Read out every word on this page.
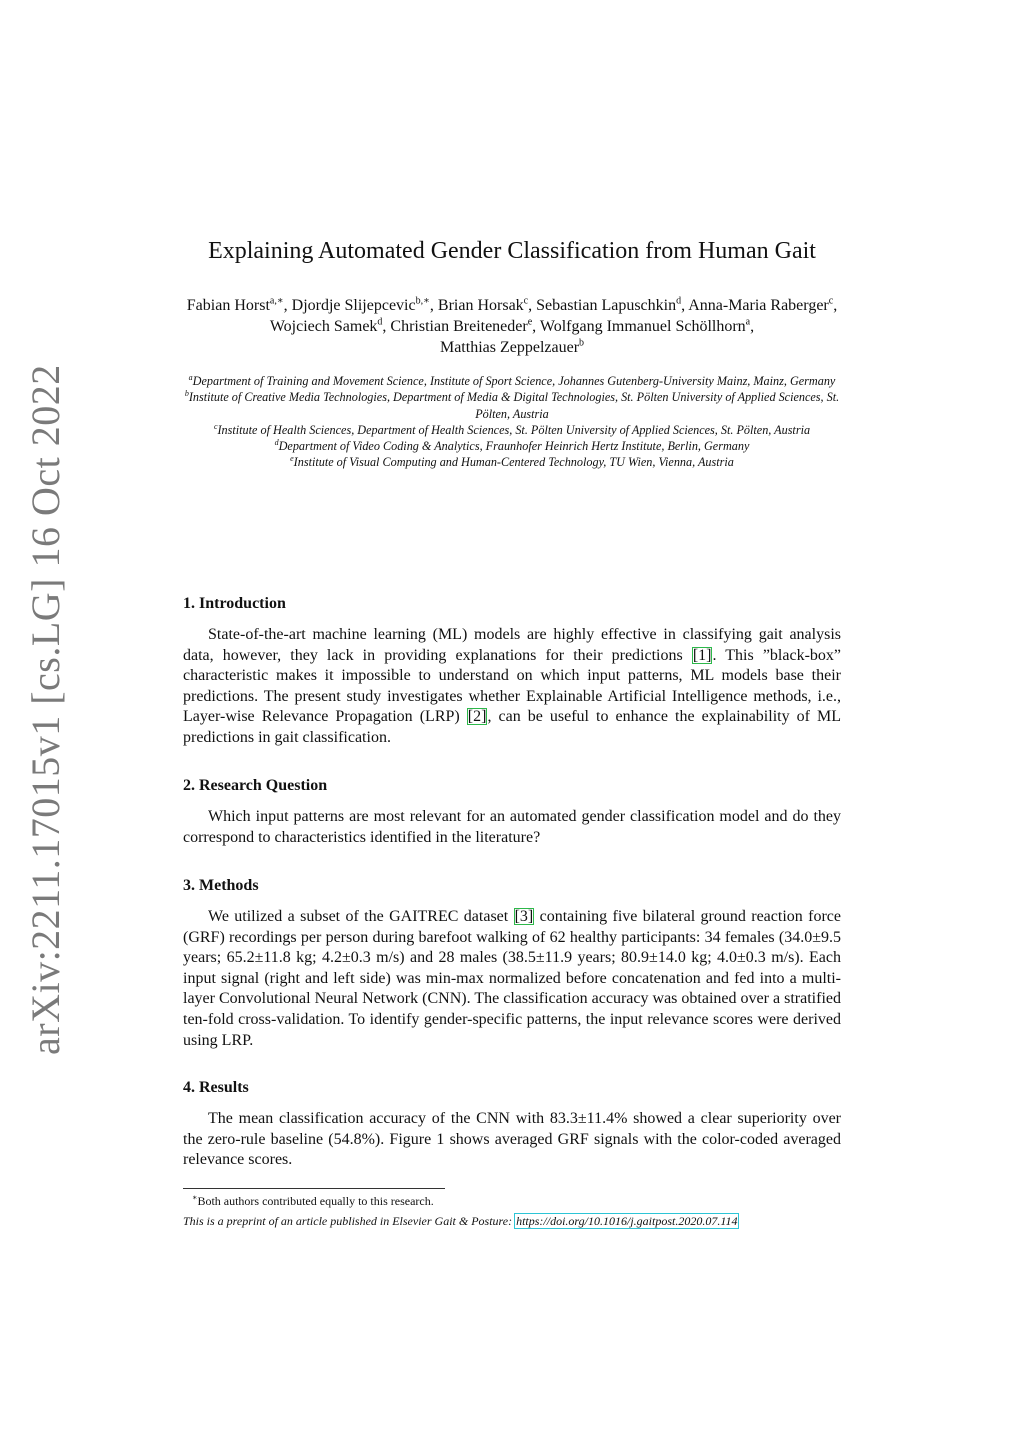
arXiv:2211.17015v1 [cs.LG] 16 Oct 2022
Explaining Automated Gender Classification from Human Gait
Fabian Horst$^{a,∗}$, Djordje Slijepcevic$^{b,∗}$, Brian Horsak$^c$, Sebastian Lapuschkin$^d$, Anna-Maria Raberger$^c$, Wojciech Samek$^d$, Christian Breiteneder$^e$, Wolfgang Immanuel Schöllhorn$^a$,
Matthias Zeppelzauer$^b$
$^a$Department of Training and Movement Science, Institute of Sport Science, Johannes Gutenberg-University Mainz, Mainz, Germany
$^b$Institute of Creative Media Technologies, Department of Media & Digital Technologies, St. Pölten University of Applied Sciences, St. Pölten, Austria
$^c$Institute of Health Sciences, Department of Health Sciences, St. Pölten University of Applied Sciences, St. Pölten, Austria
$^d$Department of Video Coding & Analytics, Fraunhofer Heinrich Hertz Institute, Berlin, Germany
$^e$Institute of Visual Computing and Human-Centered Technology, TU Wien, Vienna, Austria
1. Introduction

State-of-the-art machine learning (ML) models are highly effective in classifying gait analysis data, however, they lack in providing explanations for their predictions [1]. This ”black-box” characteristic makes it impossible to understand on which input patterns, ML models base their predictions. The present study investigates whether Explainable Artificial Intelligence methods, i.e., Layer-wise Relevance Propagation (LRP) [2], can be useful to enhance the explainability of ML predictions in gait classification.

2. Research Question

Which input patterns are most relevant for an automated gender classification model and do they correspond to characteristics identified in the literature?

3. Methods

We utilized a subset of the GAITREC dataset [3] containing five bilateral ground reaction force (GRF) recordings per person during barefoot walking of 62 healthy participants: 34 females (34.0±9.5 years; 65.2±11.8 kg; 4.2±0.3 m/s) and 28 males (38.5±11.9 years; 80.9±14.0 kg; 4.0±0.3 m/s). Each input signal (right and left side) was min-max normalized before concatenation and fed into a multi-layer Convolutional Neural Network (CNN). The classification accuracy was obtained over a stratified ten-fold cross-validation. To identify gender-specific patterns, the input relevance scores were derived using LRP.

4. Results

The mean classification accuracy of the CNN with 83.3±11.4% showed a clear superiority over the zero-rule baseline (54.8%). Figure 1 shows averaged GRF signals with the color-coded averaged relevance scores.

∗Both authors contributed equally to this research.
This is a preprint of an article published in Elsevier Gait & Posture: https://doi.org/10.1016/j.gaitpost.2020.07.114
